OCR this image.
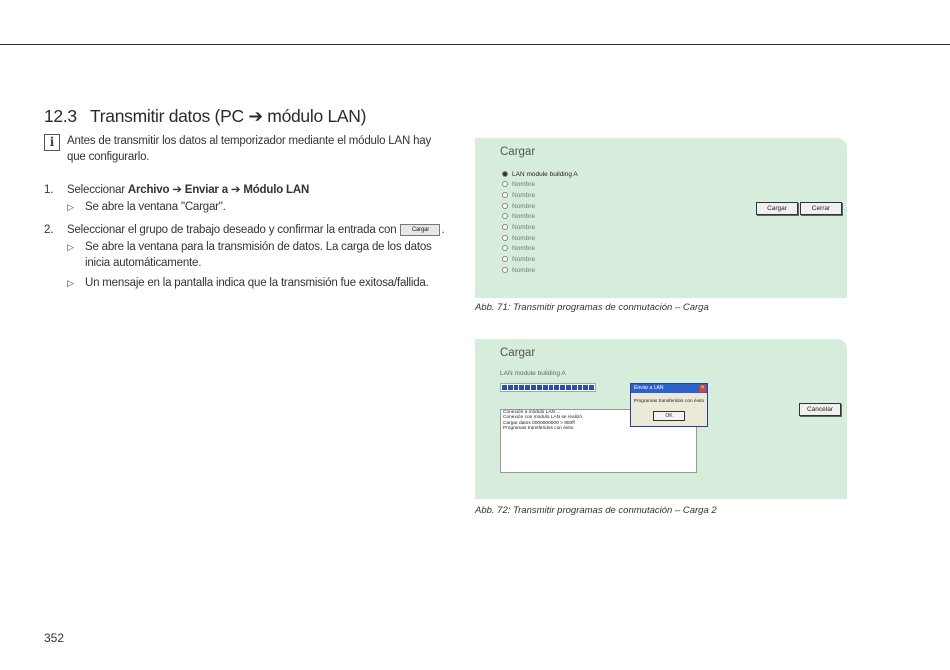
12.3 Transmitir datos (PC ➔ módulo LAN)
i	Antes de transmitir los datos al temporizador mediante el módulo LAN hay
que configurarlo.
1. Seleccionar Archivo ➔ Enviar a ➔ Módulo LAN
▷ Se abre la ventana "Cargar".
2. Seleccionar el grupo de trabajo deseado y confirmar la entrada con	Cargar .
▷ Se abre la ventana para la transmisión de datos. La carga de los datos
inicia automáticamente.
▷ Un mensaje en la pantalla indica que la transmisión fue exitosa/fallida.
Cargar
LAN module building A
Nombre
Nombre
Nombre
Nombre
Nombre
Nombre
Nombre
Nombre
Nombre
Cargar	Cerrar
Abb. 71: Transmitir programas de conmutación – Carga
Cargar
LAN module building A
Conexión a módulo LAN ...
Conexión con módulo LAN se realizó.
Cargar datos 0000000000 > 900ff
Programas transferidos con éxito
Enviar a LAN	×
Programas transferidos con éxito
OK
Cancelar
Abb. 72: Transmitir programas de conmutación – Carga 2
352
